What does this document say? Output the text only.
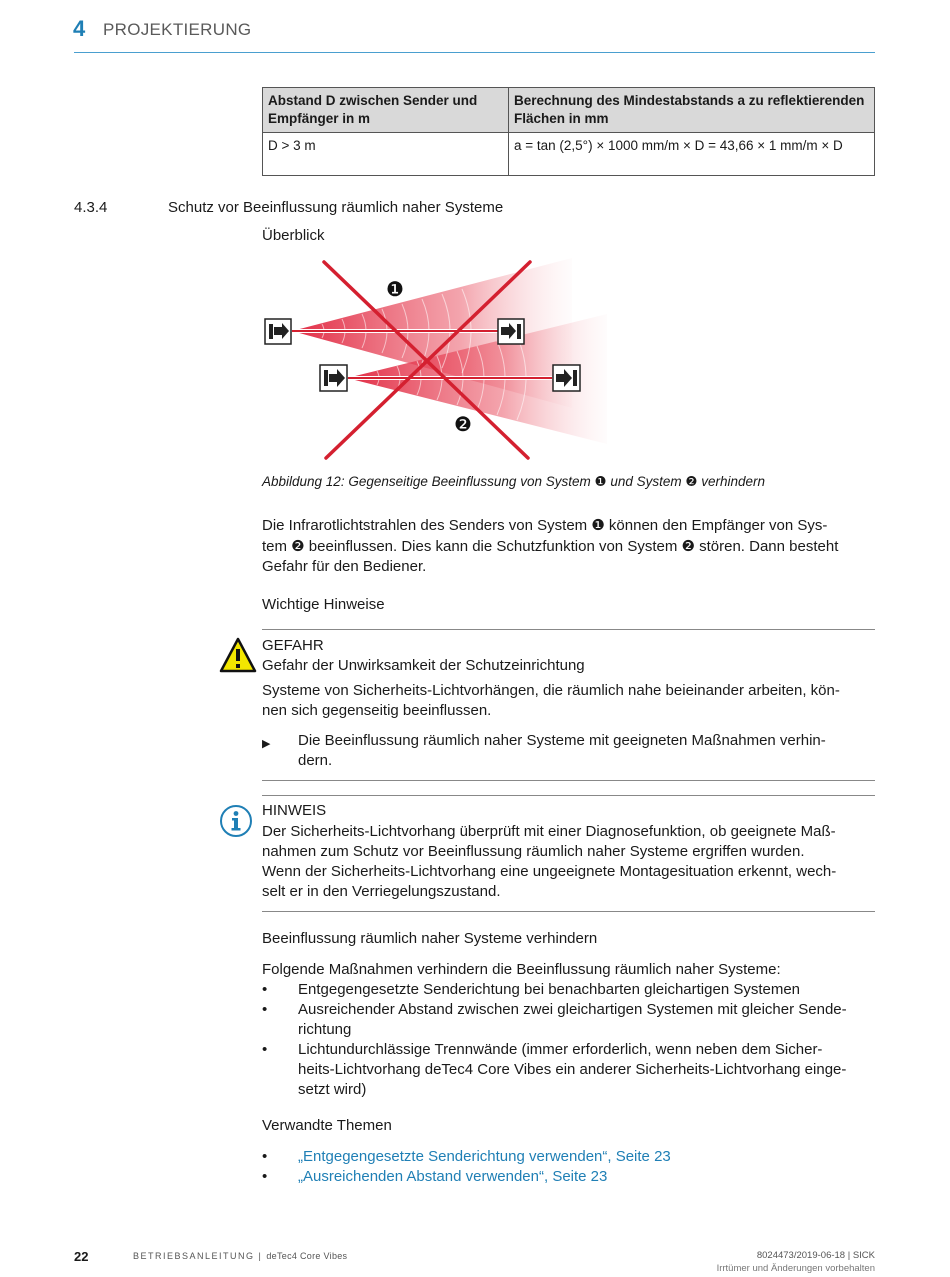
4 PROJEKTIERUNG
Abstand D zwischen Sender und Empfänger in m	Berechnung des Mindestabstands a zu reflektierenden Flächen in mm
D > 3 m	a = tan (2,5°) × 1000 mm/m × D = 43,66 × 1 mm/m × D
4.3.4	Schutz vor Beeinflussung räumlich naher Systeme
Überblick
❶
❷
Abbildung 12: Gegenseitige Beeinflussung von System ❶ und System ❷ verhindern
Die Infrarotlichtstrahlen des Senders von System ❶ können den Empfänger von Sys-
tem ❷ beeinflussen. Dies kann die Schutzfunktion von System ❷ stören. Dann besteht
Gefahr für den Bediener.
Wichtige Hinweise
GEFAHR
Gefahr der Unwirksamkeit der Schutzeinrichtung
Systeme von Sicherheits-Lichtvorhängen, die räumlich nahe beieinander arbeiten, kön-
nen sich gegenseitig beeinflussen.
▶ Die Beeinflussung räumlich naher Systeme mit geeigneten Maßnahmen verhin-
dern.
HINWEIS
Der Sicherheits-Lichtvorhang überprüft mit einer Diagnosefunktion, ob geeignete Maß-
nahmen zum Schutz vor Beeinflussung räumlich naher Systeme ergriffen wurden.
Wenn der Sicherheits-Lichtvorhang eine ungeeignete Montagesituation erkennt, wech-
selt er in den Verriegelungszustand.
Beeinflussung räumlich naher Systeme verhindern
Folgende Maßnahmen verhindern die Beeinflussung räumlich naher Systeme:
• Entgegengesetzte Senderichtung bei benachbarten gleichartigen Systemen
• Ausreichender Abstand zwischen zwei gleichartigen Systemen mit gleicher Sende-
richtung
• Lichtundurchlässige Trennwände (immer erforderlich, wenn neben dem Sicher-
heits-Lichtvorhang deTec4 Core Vibes ein anderer Sicherheits-Lichtvorhang einge-
setzt wird)
Verwandte Themen
• „Entgegengesetzte Senderichtung verwenden“, Seite 23
• „Ausreichenden Abstand verwenden“, Seite 23
22	BETRIEBSANLEITUNG | deTec4 Core Vibes	8024473/2019-06-18 | SICK
Irrtümer und Änderungen vorbehalten
